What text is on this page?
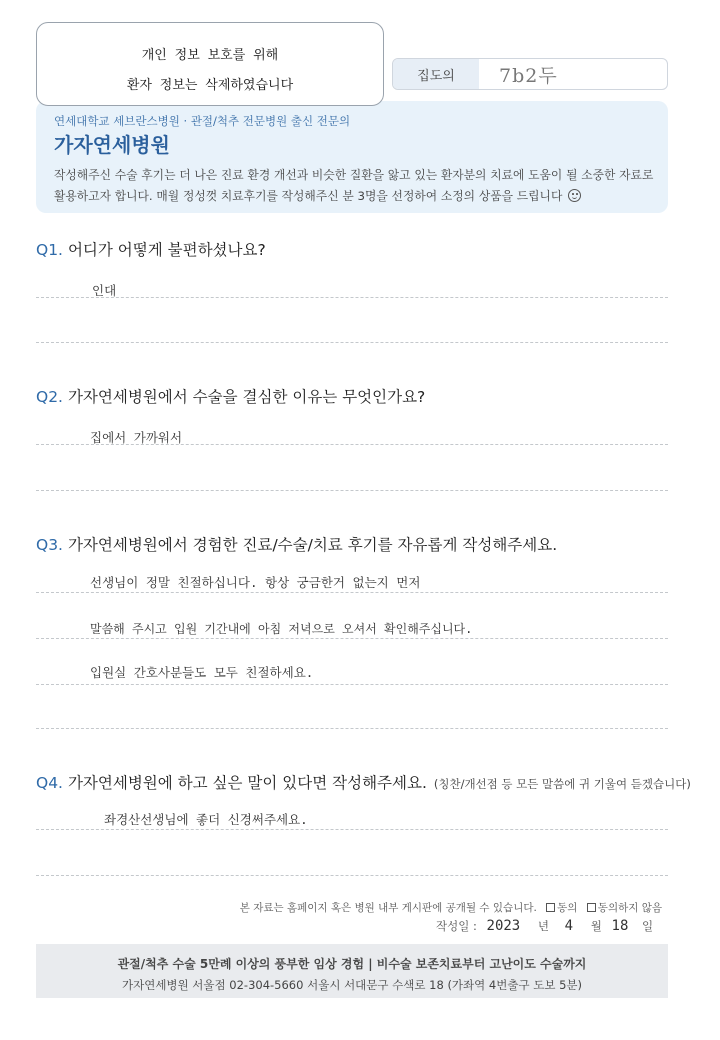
개인 정보 보호를 위해
환자 정보는 삭제하였습니다
집도의	7b2두
연세대학교 세브란스병원 · 관절/척추 전문병원 출신 전문의
가자연세병원
작성해주신 수술 후기는 더 나은 진료 환경 개선과 비슷한 질환을 앓고 있는 환자분의 치료에 도움이 될 소중한 자료로
활용하고자 합니다. 매월 정성껏 치료후기를 작성해주신 분 3명을 선정하여 소정의 상품을 드립니다
Q1. 어디가 어떻게 불편하셨나요?
인대
Q2. 가자연세병원에서 수술을 결심한 이유는 무엇인가요?
집에서 가까워서
Q3. 가자연세병원에서 경험한 진료/수술/치료 후기를 자유롭게 작성해주세요.
선생님이 정말 친절하십니다. 항상 궁금한거 없는지 먼저
말씀해 주시고 입원 기간내에 아침 저녁으로 오셔서 확인해주십니다.
입원실 간호사분들도 모두 친절하세요.
Q4. 가자연세병원에 하고 싶은 말이 있다면 작성해주세요. (칭찬/개선점 등 모든 말씀에 귀 기울여 듣겠습니다)
좌경산선생님에 좋더 신경써주세요.
본 자료는 홈페이지 혹은 병원 내부 게시판에 공개될 수 있습니다. 동의 동의하지 않음
작성일 : 2023 년 4 월 18 일
관절/척추 수술 5만례 이상의 풍부한 임상 경험 | 비수술 보존치료부터 고난이도 수술까지
가자연세병원 서울점 02-304-5660 서울시 서대문구 수색로 18 (가좌역 4번출구 도보 5분)
